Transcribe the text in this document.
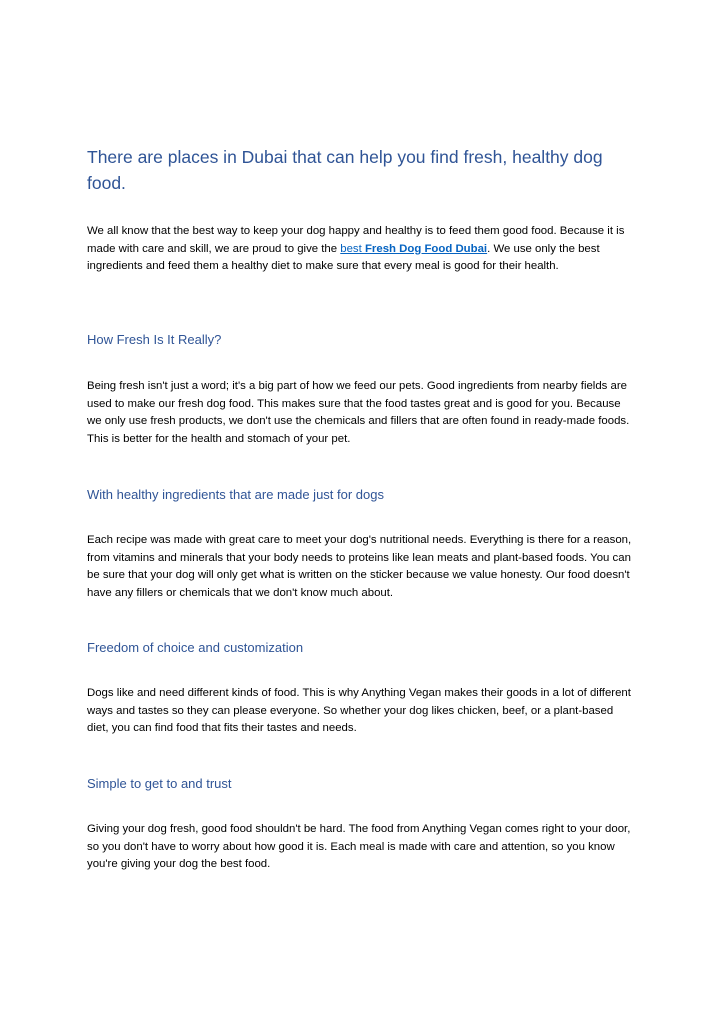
There are places in Dubai that can help you find fresh, healthy dog food.

We all know that the best way to keep your dog happy and healthy is to feed them good food. Because it is made with care and skill, we are proud to give the best Fresh Dog Food Dubai. We use only the best ingredients and feed them a healthy diet to make sure that every meal is good for their health.

How Fresh Is It Really?

Being fresh isn't just a word; it's a big part of how we feed our pets. Good ingredients from nearby fields are used to make our fresh dog food. This makes sure that the food tastes great and is good for you. Because we only use fresh products, we don't use the chemicals and fillers that are often found in ready-made foods. This is better for the health and stomach of your pet.

With healthy ingredients that are made just for dogs

Each recipe was made with great care to meet your dog's nutritional needs. Everything is there for a reason, from vitamins and minerals that your body needs to proteins like lean meats and plant-based foods. You can be sure that your dog will only get what is written on the sticker because we value honesty. Our food doesn't have any fillers or chemicals that we don't know much about.

Freedom of choice and customization

Dogs like and need different kinds of food. This is why Anything Vegan makes their goods in a lot of different ways and tastes so they can please everyone. So whether your dog likes chicken, beef, or a plant-based diet, you can find food that fits their tastes and needs.

Simple to get to and trust

Giving your dog fresh, good food shouldn't be hard. The food from Anything Vegan comes right to your door, so you don't have to worry about how good it is. Each meal is made with care and attention, so you know you're giving your dog the best food.
